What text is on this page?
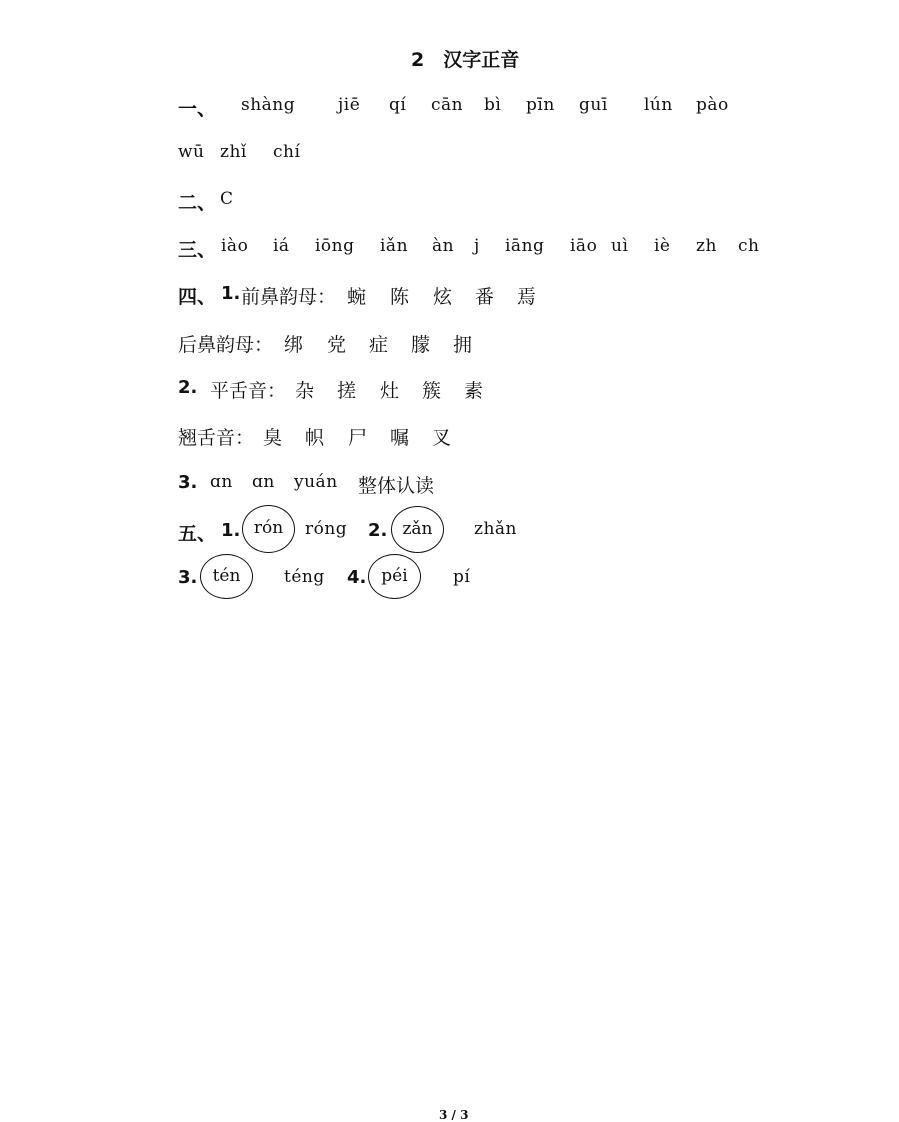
2　汉字正音
一、 shàng	jiē qí cān bì pīn guī lún pào
wū zhǐ chí
二、 C
三、 iào iá iōng iǎn àn j iāng iāo uì iè zh ch
四、 1. 前鼻韵母： 蜿 陈 炫 番 焉
后鼻韵母： 绑 党 症 朦 拥
2. 平舌音： 杂 搓 灶 簇 素
翘舌音： 臭 帜 尸 嘱 叉
3. ɑn ɑn yuán 整体认读
五、 1. rón	róng 2. zǎn	zhǎn
3. tén	téng 4. péi	pí
3 / 3
